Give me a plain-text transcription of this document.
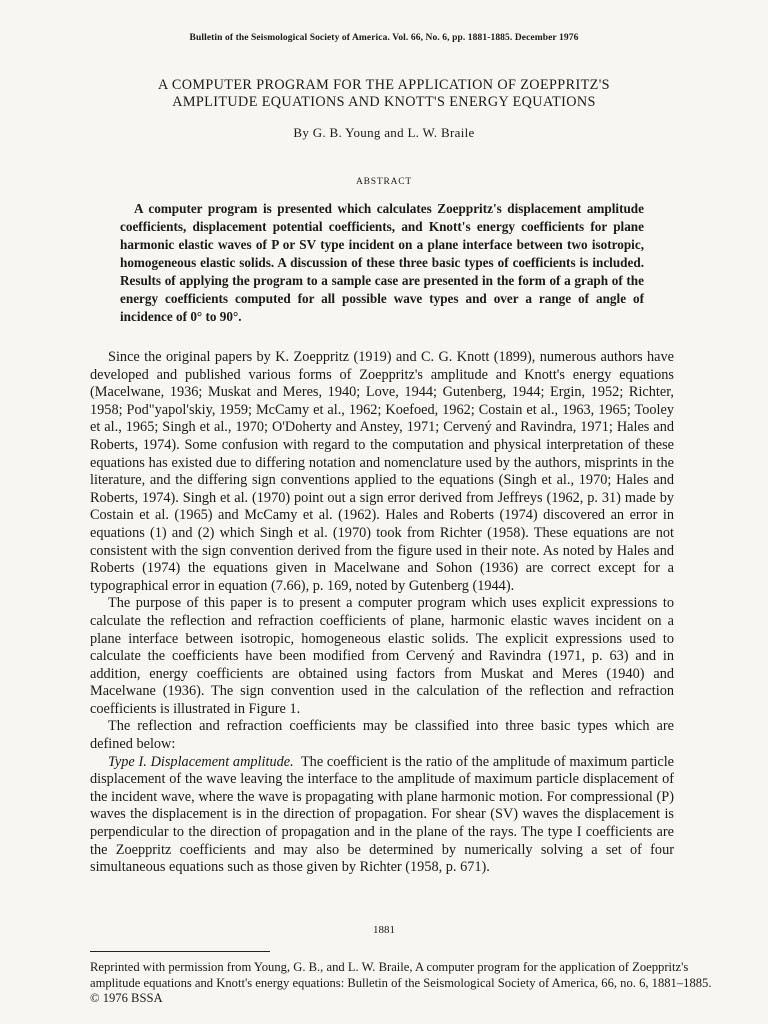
Bulletin of the Seismological Society of America. Vol. 66, No. 6, pp. 1881-1885. December 1976
A COMPUTER PROGRAM FOR THE APPLICATION OF ZOEPPRITZ'S
AMPLITUDE EQUATIONS AND KNOTT'S ENERGY EQUATIONS
By G. B. Young and L. W. Braile
ABSTRACT

A computer program is presented which calculates Zoeppritz's displacement amplitude coefficients, displacement potential coefficients, and Knott's energy coefficients for plane harmonic elastic waves of P or SV type incident on a plane interface between two isotropic, homogeneous elastic solids. A discussion of these three basic types of coefficients is included. Results of applying the program to a sample case are presented in the form of a graph of the energy coefficients computed for all possible wave types and over a range of angle of incidence of 0° to 90°.

Since the original papers by K. Zoeppritz (1919) and C. G. Knott (1899), numerous authors have developed and published various forms of Zoeppritz's amplitude and Knott's energy equations (Macelwane, 1936; Muskat and Meres, 1940; Love, 1944; Gutenberg, 1944; Ergin, 1952; Richter, 1958; Pod"yapol'skiy, 1959; McCamy et al., 1962; Koefoed, 1962; Costain et al., 1963, 1965; Tooley et al., 1965; Singh et al., 1970; O'Doherty and Anstey, 1971; Cervený and Ravindra, 1971; Hales and Roberts, 1974). Some confusion with regard to the computation and physical interpretation of these equations has existed due to differing notation and nomenclature used by the authors, misprints in the literature, and the differing sign conventions applied to the equations (Singh et al., 1970; Hales and Roberts, 1974). Singh et al. (1970) point out a sign error derived from Jeffreys (1962, p. 31) made by Costain et al. (1965) and McCamy et al. (1962). Hales and Roberts (1974) discovered an error in equations (1) and (2) which Singh et al. (1970) took from Richter (1958). These equations are not consistent with the sign convention derived from the figure used in their note. As noted by Hales and Roberts (1974) the equations given in Macelwane and Sohon (1936) are correct except for a typographical error in equation (7.66), p. 169, noted by Gutenberg (1944).

The purpose of this paper is to present a computer program which uses explicit expressions to calculate the reflection and refraction coefficients of plane, harmonic elastic waves incident on a plane interface between isotropic, homogeneous elastic solids. The explicit expressions used to calculate the coefficients have been modified from Cervený and Ravindra (1971, p. 63) and in addition, energy coefficients are obtained using factors from Muskat and Meres (1940) and Macelwane (1936). The sign convention used in the calculation of the reflection and refraction coefficients is illustrated in Figure 1.

The reflection and refraction coefficients may be classified into three basic types which are defined below:

Type I. Displacement amplitude. The coefficient is the ratio of the amplitude of maximum particle displacement of the wave leaving the interface to the amplitude of maximum particle displacement of the incident wave, where the wave is propagating with plane harmonic motion. For compressional (P) waves the displacement is in the direction of propagation. For shear (SV) waves the displacement is perpendicular to the direction of propagation and in the plane of the rays. The type I coefficients are the Zoeppritz coefficients and may also be determined by numerically solving a set of four simultaneous equations such as those given by Richter (1958, p. 671).

1881

Reprinted with permission from Young, G. B., and L. W. Braile, A computer program for the application of Zoeppritz's amplitude equations and Knott's energy equations: Bulletin of the Seismological Society of America, 66, no. 6, 1881–1885. © 1976 BSSA
